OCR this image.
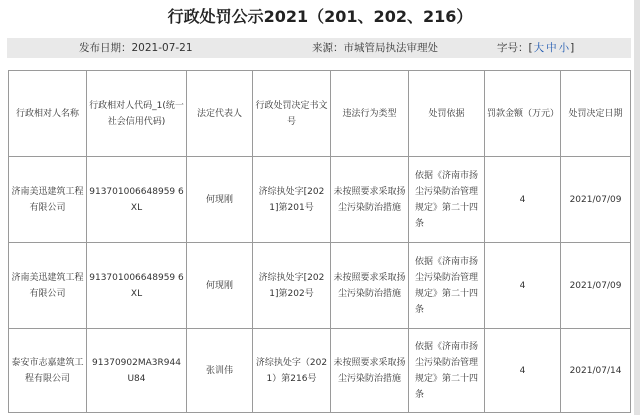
行政处罚公示2021（201、202、216）
发布日期：2021-07-21	来源：市城管局执法审理处	字号：[大 中 小]
行政相对人名称	行政相对人代码_1(统一社会信用代码)	法定代表人	行政处罚决定书文号	违法行为类型	处罚依据	罚款金额（万元）	处罚决定日期
济南美迅建筑工程有限公司	913701006648959 6XL	何现刚	济综执处字[2021]第201号	未按照要求采取扬尘污染防治措施	依据《济南市扬尘污染防治管理规定》第二十四条	4	2021/07/09
济南美迅建筑工程有限公司	913701006648959 6XL	何现刚	济综执处字[2021]第202号	未按照要求采取扬尘污染防治措施	依据《济南市扬尘污染防治管理规定》第二十四条	4	2021/07/09
泰安市志嘉建筑工程有限公司	91370902MA3R944U84	张训伟	济综执处字（2021）第216号	未按照要求采取扬尘污染防治措施	依据《济南市扬尘污染防治管理规定》第二十四条	4	2021/07/14
